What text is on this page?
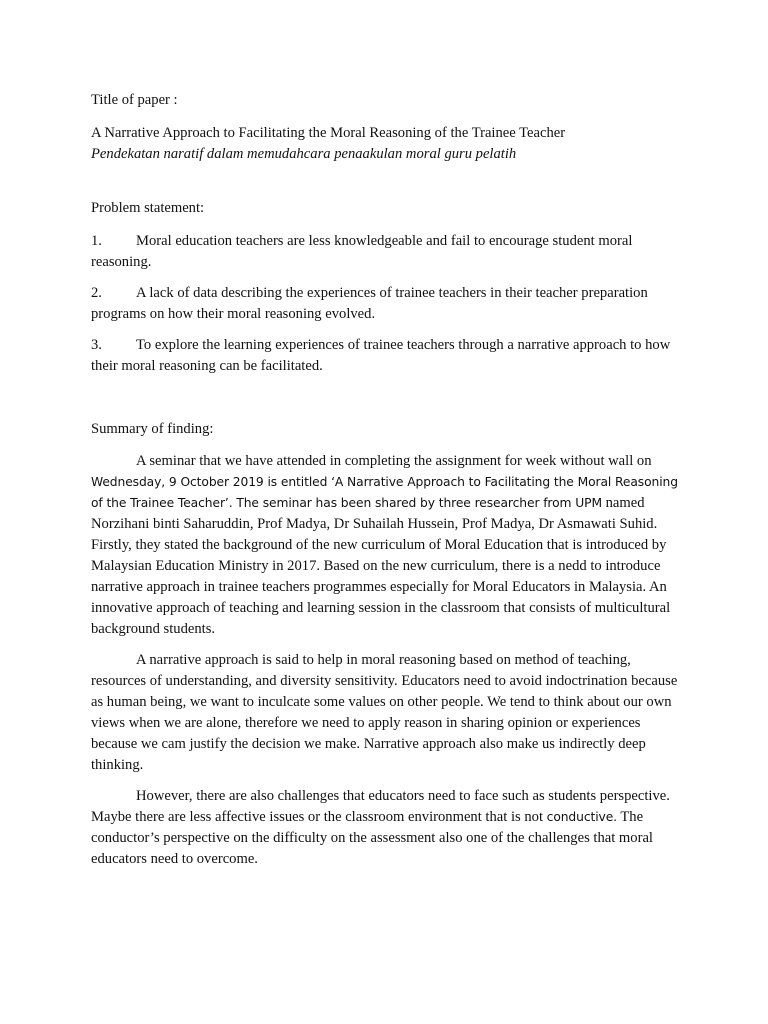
Title of paper :

A Narrative Approach to Facilitating the Moral Reasoning of the Trainee Teacher

Pendekatan naratif dalam memudahcara penaakulan moral guru pelatih

Problem statement:

1. Moral education teachers are less knowledgeable and fail to encourage student moral reasoning.
2. A lack of data describing the experiences of trainee teachers in their teacher preparation programs on how their moral reasoning evolved.
3. To explore the learning experiences of trainee teachers through a narrative approach to how their moral reasoning can be facilitated.

Summary of finding:

A seminar that we have attended in completing the assignment for week without wall on Wednesday, 9 October 2019 is entitled ‘A Narrative Approach to Facilitating the Moral Reasoning of the Trainee Teacher’. The seminar has been shared by three researcher from UPM named Norzihani binti Saharuddin, Prof Madya, Dr Suhailah Hussein, Prof Madya, Dr Asmawati Suhid. Firstly, they stated the background of the new curriculum of Moral Education that is introduced by Malaysian Education Ministry in 2017. Based on the new curriculum, there is a nedd to introduce narrative approach in trainee teachers programmes especially for Moral Educators in Malaysia. An innovative approach of teaching and learning session in the classroom that consists of multicultural background students.

A narrative approach is said to help in moral reasoning based on method of teaching, resources of understanding, and diversity sensitivity. Educators need to avoid indoctrination because as human being, we want to inculcate some values on other people. We tend to think about our own views when we are alone, therefore we need to apply reason in sharing opinion or experiences because we cam justify the decision we make. Narrative approach also make us indirectly deep thinking.

However, there are also challenges that educators need to face such as students perspective. Maybe there are less affective issues or the classroom environment that is not conductive. The conductor’s perspective on the difficulty on the assessment also one of the challenges that moral educators need to overcome.
